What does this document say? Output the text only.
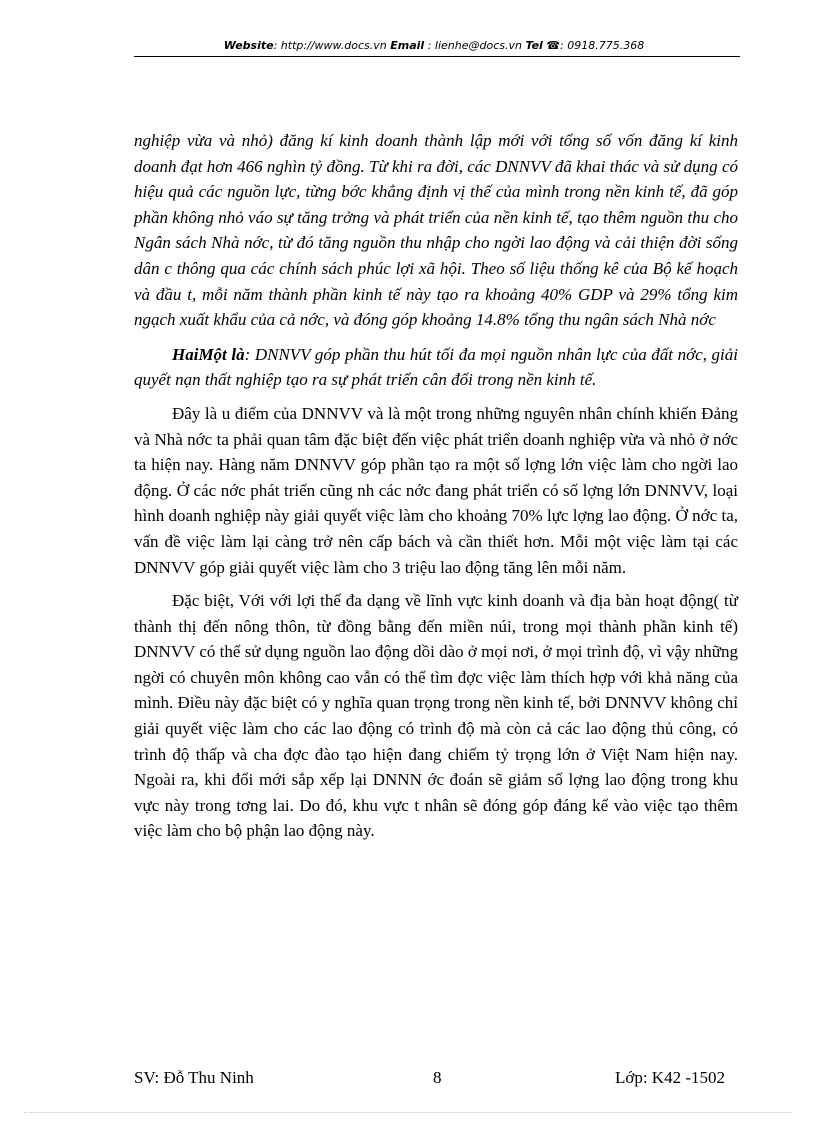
Website: http://www.docs.vn Email : lienhe@docs.vn Tel ☎: 0918.775.368

nghiệp vừa và nhỏ) đăng kí kinh doanh thành lập mới với tổng số vốn đăng kí kinh doanh đạt hơn 466 nghìn tỷ đồng. Từ khi ra đời, các DNNVV đã khai thác và sử dụng có hiệu quả các nguồn lực, từng bớc khẳng định vị thế của mình trong nền kinh tế, đã góp phần không nhỏ váo sự tăng trởng và phát triển của nền kinh tế, tạo thêm nguồn thu cho Ngân sách Nhà nớc, từ đó tăng nguồn thu nhập cho ngời lao động và cải thiện đời sống dân c thông qua các chính sách phúc lợi xã hội. Theo số liệu thống kê của Bộ kế hoạch và đầu t, mỗi năm thành phần kinh tế này tạo ra khoảng 40% GDP và 29% tổng kim ngạch xuất khẩu của cả nớc, và đóng góp khoảng 14.8% tổng thu ngân sách Nhà nớc

HaiMột là: DNNVV góp phần thu hút tối đa mọi nguồn nhân lực của đất nớc, giải quyết nạn thất nghiệp tạo ra sự phát triển cân đối trong nền kinh tế.

Đây là u điểm của DNNVV và là một trong những nguyên nhân chính khiến Đảng và Nhà nớc ta phải quan tâm đặc biệt đến việc phát triển doanh nghiệp vừa và nhỏ ở nớc ta hiện nay. Hàng năm DNNVV góp phần tạo ra một số lợng lớn việc làm cho ngời lao động. Ở các nớc phát triển cũng nh các nớc đang phát triển có số lợng lớn DNNVV, loại hình doanh nghiệp này giải quyết việc làm cho khoảng 70% lực lợng lao động. Ở nớc ta, vấn đề việc làm lại càng trở nên cấp bách và cần thiết hơn. Mỗi một việc làm tại các DNNVV góp giải quyết việc làm cho 3 triệu lao động tăng lên mỗi năm.

Đặc biệt, Với với lợi thế đa dạng về lĩnh vực kinh doanh và địa bàn hoạt động( từ thành thị đến nông thôn, từ đồng bằng đến miền núi, trong mọi thành phần kinh tế) DNNVV có thể sử dụng nguồn lao động dồi dào ở mọi nơi, ở mọi trình độ, vì vậy những ngời có chuyên môn không cao vẫn có thể tìm đợc việc làm thích hợp với khả năng của mình. Điều này đặc biệt có y nghĩa quan trọng trong nền kinh tế, bởi DNNVV không chỉ giải quyết việc làm cho các lao động có trình độ mà còn cả các lao động thủ công, có trình độ thấp và cha đợc đào tạo hiện đang chiếm tỷ trọng lớn ở Việt Nam hiện nay. Ngoài ra, khi đổi mới sắp xếp lại DNNN ớc đoán sẽ giảm số lợng lao động trong khu vực này trong tơng lai. Do đó, khu vực t nhân sẽ đóng góp đáng kể vào việc tạo thêm việc làm cho bộ phận lao động này.

SV: Đỗ Thu Ninh	8	Lớp: K42 -1502
